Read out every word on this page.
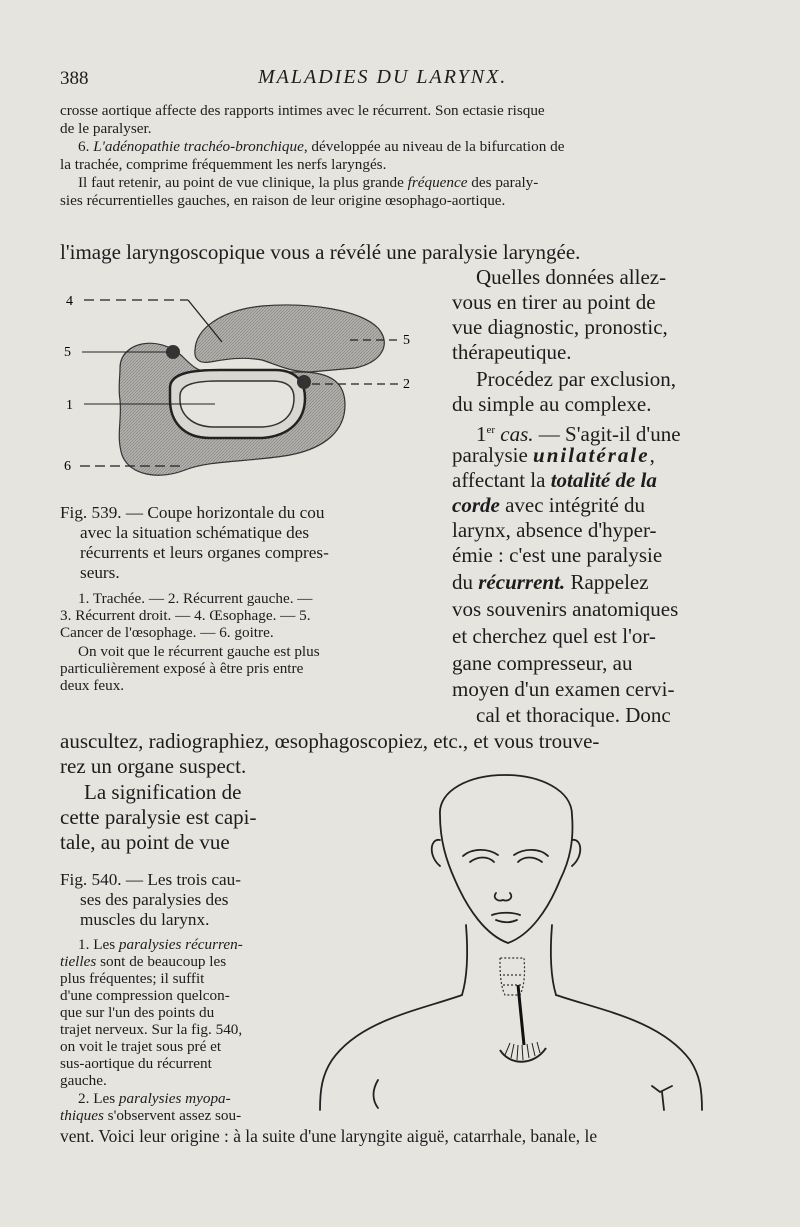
388	MALADIES DU LARYNX.
crosse aortique affecte des rapports intimes avec le récurrent. Son ectasie risque
de le paralyser.
6. L'adénopathie trachéo-bronchique, développée au niveau de la bifurcation de
la trachée, comprime fréquemment les nerfs laryngés.
Il faut retenir, au point de vue clinique, la plus grande fréquence des paraly-
sies récurrentielles gauches, en raison de leur origine œsophago-aortique.
l'image laryngoscopique vous a révélé une paralysie laryngée.
Quelles données allez-
vous en tirer au point de
vue diagnostic, pronostic,
thérapeutique.
Procédez par exclusion,
du simple au complexe.
1er cas. — S'agit-il d'une
paralysie unilatérale,
affectant la totalité de la
corde avec intégrité du
larynx, absence d'hyper-
émie : c'est une paralysie
du récurrent. Rappelez
vos souvenirs anatomiques
et cherchez quel est l'or-
gane compresseur, au
moyen d'un examen cervi-
cal et thoracique. Donc
4
5
1
6
5
2
Fig. 539. — Coupe horizontale du cou
avec la situation schématique des
récurrents et leurs organes compres-
seurs.
1. Trachée. — 2. Récurrent gauche. —
3. Récurrent droit. — 4. Œsophage. — 5.
Cancer de l'œsophage. — 6. goitre.
On voit que le récurrent gauche est plus
particulièrement exposé à être pris entre
deux feux.
auscultez, radiographiez, œsophagoscopiez, etc., et vous trouve-
rez un organe suspect.
La signification de
cette paralysie est capi-
tale, au point de vue
Fig. 540. — Les trois cau-
ses des paralysies des
muscles du larynx.
1. Les paralysies récurren-
tielles sont de beaucoup les
plus fréquentes; il suffit
d'une compression quelcon-
que sur l'un des points du
trajet nerveux. Sur la fig. 540,
on voit le trajet sous pré et
sus-aortique du récurrent
gauche.
2. Les paralysies myopa-
thiques s'observent assez sou-
vent. Voici leur origine : à la suite d'une laryngite aiguë, catarrhale, banale, le
